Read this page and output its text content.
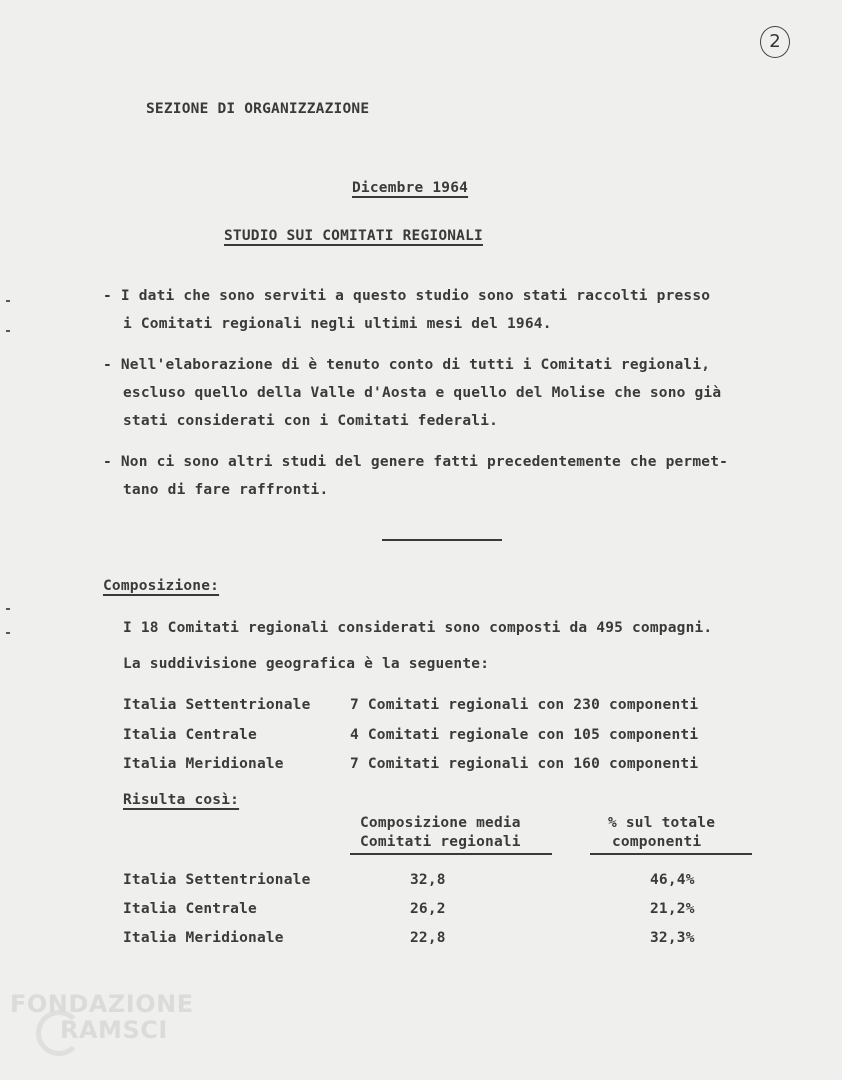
2
SEZIONE DI ORGANIZZAZIONE
Dicembre 1964
STUDIO SUI COMITATI REGIONALI
- I dati che sono serviti a questo studio sono stati raccolti presso
i Comitati regionali negli ultimi mesi del 1964.
- Nell'elaborazione di è tenuto conto di tutti i Comitati regionali,
escluso quello della Valle d'Aosta e quello del Molise che sono già
stati considerati con i Comitati federali.
- Non ci sono altri studi del genere fatti precedentemente che permet-
tano di fare raffronti.
Composizione:
I 18 Comitati regionali considerati sono composti da 495 compagni.
La suddivisione geografica è la seguente:
Italia Settentrionale	7 Comitati regionali con 230 componenti
Italia Centrale	4 Comitati regionale con 105 componenti
Italia Meridionale	7 Comitati regionali con 160 componenti
Risulta così:
Composizione media
Comitati regionali
% sul totale
componenti
Italia Settentrionale	32,8	46,4%
Italia Centrale	26,2	21,2%
Italia Meridionale	22,8	32,3%
FONDAZIONE
RAMSCI
